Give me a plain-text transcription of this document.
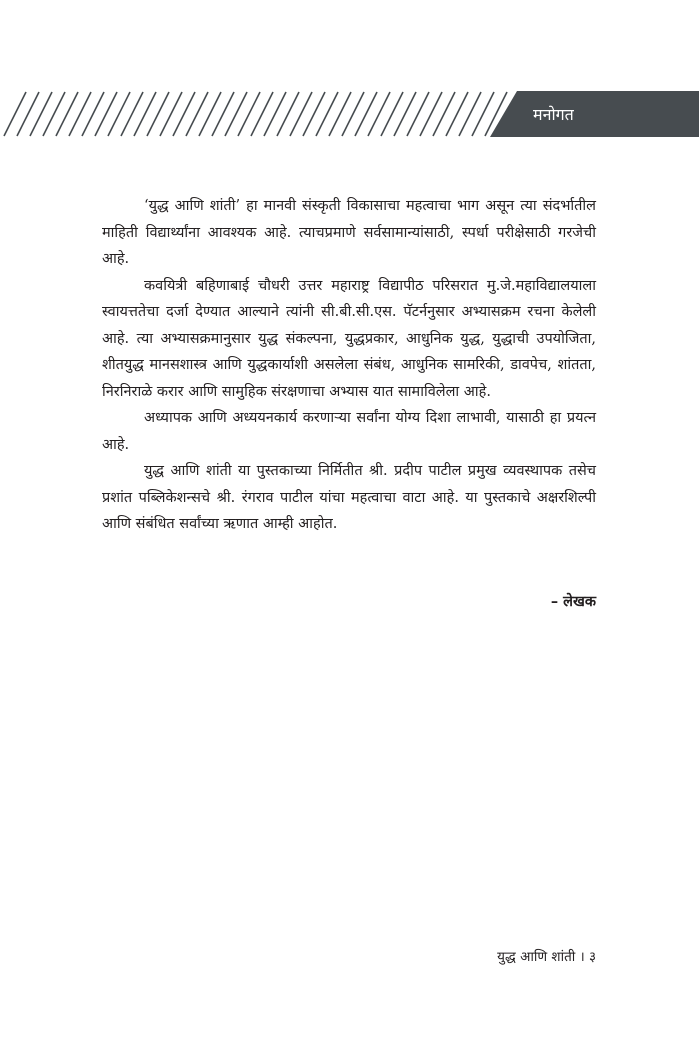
मनोगत

‘युद्ध आणि शांती’ हा मानवी संस्कृती विकासाचा महत्वाचा भाग असून त्या संदर्भातील माहिती विद्यार्थ्यांना आवश्यक आहे. त्याचप्रमाणे सर्वसामान्यांसाठी, स्पर्धा परीक्षेसाठी गरजेची आहे.

कवयित्री बहिणाबाई चौधरी उत्तर महाराष्ट्र विद्यापीठ परिसरात मु.जे.महाविद्यालयाला स्वायत्ततेचा दर्जा देण्यात आल्याने त्यांनी सी.बी.सी.एस. पॅटर्ननुसार अभ्यासक्रम रचना केलेली आहे. त्या अभ्यासक्रमानुसार युद्ध संकल्पना, युद्धप्रकार, आधुनिक युद्ध, युद्धाची उपयोजिता, शीतयुद्ध मानसशास्त्र आणि युद्धकार्याशी असलेला संबंध, आधुनिक सामरिकी, डावपेच, शांतता, निरनिराळे करार आणि सामुहिक संरक्षणाचा अभ्यास यात सामाविलेला आहे.

अध्यापक आणि अध्ययनकार्य करणाऱ्या सर्वांना योग्य दिशा लाभावी, यासाठी हा प्रयत्न आहे.

युद्ध आणि शांती या पुस्तकाच्या निर्मितीत श्री. प्रदीप पाटील प्रमुख व्यवस्थापक तसेच प्रशांत पब्लिकेशन्सचे श्री. रंगराव पाटील यांचा महत्वाचा वाटा आहे. या पुस्तकाचे अक्षरशिल्पी आणि संबंधित सर्वांच्या ऋणात आम्ही आहोत.

– लेखक
युद्ध आणि शांती । ३
